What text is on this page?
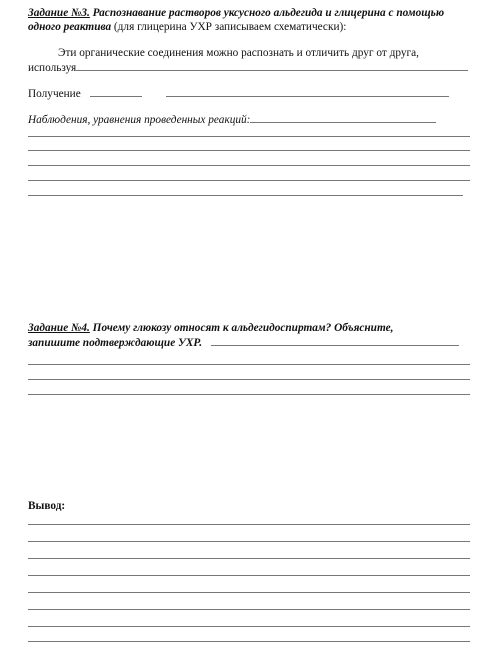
Задание №3. Распознавание растворов уксусного альдегида и глицерина с помощью

одного реактива (для глицерина УХР записываем схематически):

Эти органические соединения можно распознать и отличить друг от друга,

используя

Получение
Наблюдения, уравнения проведенных реакций:

Задание №4. Почему глюкозу относят к альдегидоспиртам? Объясните,

запишите подтверждающие УХР.

Вывод:
